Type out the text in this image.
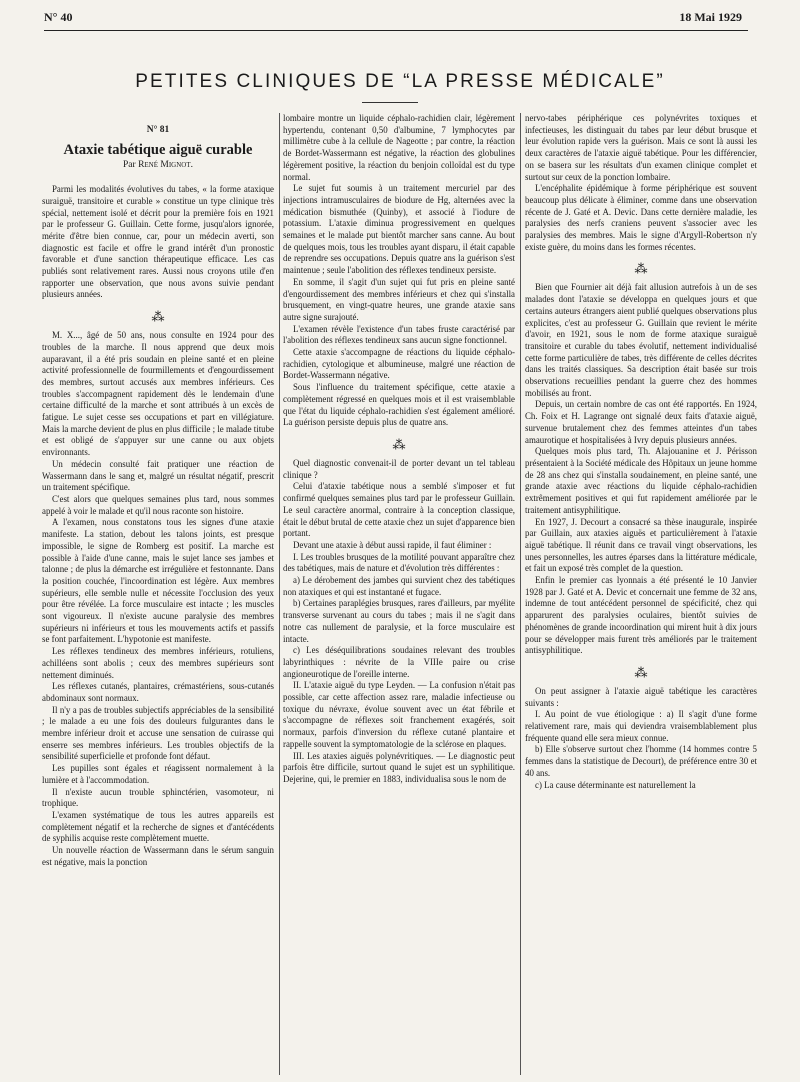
N° 40	18 Mai 1929
PETITES CLINIQUES DE “LA PRESSE MÉDICALE”
N° 81
Ataxie tabétique aiguë curable
Par René Mignot.

Parmi les modalités évolutives du tabes, « la forme ataxique suraiguë, transitoire et curable » constitue un type clinique très spécial, nettement isolé et décrit pour la première fois en 1921 par le professeur G. Guillain. Cette forme, jusqu'alors ignorée, mérite d'être bien connue, car, pour un médecin averti, son diagnostic est facile et offre le grand intérêt d'un pronostic favorable et d'une sanction thérapeutique efficace. Les cas publiés sont relativement rares. Aussi nous croyons utile d'en rapporter une observation, que nous avons suivie pendant plusieurs années.

⁂

M. X..., âgé de 50 ans, nous consulte en 1924 pour des troubles de la marche. Il nous apprend que deux mois auparavant, il a été pris soudain en pleine santé et en pleine activité professionnelle de fourmillements et d'engourdissement des membres, surtout accusés aux membres inférieurs. Ces troubles s'accompagnent rapidement dès le lendemain d'une certaine difficulté de la marche et sont attribués à un excès de fatigue. Le sujet cesse ses occupations et part en villégiature. Mais la marche devient de plus en plus difficile ; le malade titube et est obligé de s'appuyer sur une canne ou aux objets environnants.

Un médecin consulté fait pratiquer une réaction de Wassermann dans le sang et, malgré un résultat négatif, prescrit un traitement spécifique.

C'est alors que quelques semaines plus tard, nous sommes appelé à voir le malade et qu'il nous raconte son histoire.

A l'examen, nous constatons tous les signes d'une ataxie manifeste. La station, debout les talons joints, est presque impossible, le signe de Romberg est positif. La marche est possible à l'aide d'une canne, mais le sujet lance ses jambes et talonne ; de plus la démarche est irrégulière et festonnante. Dans la position couchée, l'incoordination est légère. Aux membres supérieurs, elle semble nulle et nécessite l'occlusion des yeux pour être révélée. La force musculaire est intacte ; les muscles sont vigoureux. Il n'existe aucune paralysie des membres supérieurs ni inférieurs et tous les mouvements actifs et passifs se font parfaitement. L'hypotonie est manifeste.

Les réflexes tendineux des membres inférieurs, rotuliens, achilléens sont abolis ; ceux des membres supérieurs sont nettement diminués.

Les réflexes cutanés, plantaires, crémastériens, sous-cutanés abdominaux sont normaux.

Il n'y a pas de troubles subjectifs appréciables de la sensibilité ; le malade a eu une fois des douleurs fulgurantes dans le membre inférieur droit et accuse une sensation de cuirasse qui enserre ses membres inférieurs. Les troubles objectifs de la sensibilité superficielle et profonde font défaut.

Les pupilles sont égales et réagissent normalement à la lumière et à l'accommodation.

Il n'existe aucun trouble sphinctérien, vasomoteur, ni trophique.

L'examen systématique de tous les autres appareils est complètement négatif et la recherche de signes et d'antécédents de syphilis acquise reste complètement muette.

Un nouvelle réaction de Wassermann dans le sérum sanguin est négative, mais la ponction

lombaire montre un liquide céphalo-rachidien clair, légèrement hypertendu, contenant 0,50 d'albumine, 7 lymphocytes par millimètre cube à la cellule de Nageotte ; par contre, la réaction de Bordet-Wassermann est négative, la réaction des globulines légèrement positive, la réaction du benjoin colloïdal est du type normal.

Le sujet fut soumis à un traitement mercuriel par des injections intramusculaires de biodure de Hg, alternées avec la médication bismuthée (Quinby), et associé à l'iodure de potassium. L'ataxie diminua progressivement en quelques semaines et le malade put bientôt marcher sans canne. Au bout de quelques mois, tous les troubles ayant disparu, il était capable de reprendre ses occupations. Depuis quatre ans la guérison s'est maintenue ; seule l'abolition des réflexes tendineux persiste.

En somme, il s'agit d'un sujet qui fut pris en pleine santé d'engourdissement des membres inférieurs et chez qui s'installa brusquement, en vingt-quatre heures, une grande ataxie sans autre signe surajouté.

L'examen révèle l'existence d'un tabes fruste caractérisé par l'abolition des réflexes tendineux sans aucun signe fonctionnel.

Cette ataxie s'accompagne de réactions du liquide céphalo-rachidien, cytologique et albumineuse, malgré une réaction de Bordet-Wassermann négative.

Sous l'influence du traitement spécifique, cette ataxie a complètement régressé en quelques mois et il est vraisemblable que l'état du liquide céphalo-rachidien s'est également amélioré. La guérison persiste depuis plus de quatre ans.

⁂

Quel diagnostic convenait-il de porter devant un tel tableau clinique ?

Celui d'ataxie tabétique nous a semblé s'imposer et fut confirmé quelques semaines plus tard par le professeur Guillain. Le seul caractère anormal, contraire à la conception classique, était le début brutal de cette ataxie chez un sujet d'apparence bien portant.

Devant une ataxie à début aussi rapide, il faut éliminer :

I. Les troubles brusques de la motilité pouvant apparaître chez des tabétiques, mais de nature et d'évolution très différentes :

a) Le dérobement des jambes qui survient chez des tabétiques non ataxiques et qui est instantané et fugace.

b) Certaines paraplégies brusques, rares d'ailleurs, par myélite transverse survenant au cours du tabes ; mais il ne s'agit dans notre cas nullement de paralysie, et la force musculaire est intacte.

c) Les déséquilibrations soudaines relevant des troubles labyrinthiques : névrite de la VIIIe paire ou crise angioneurotique de l'oreille interne.

II. L'ataxie aiguë du type Leyden. — La confusion n'était pas possible, car cette affection assez rare, maladie infectieuse ou toxique du névraxe, évolue souvent avec un état fébrile et s'accompagne de réflexes soit franchement exagérés, soit normaux, parfois d'inversion du réflexe cutané plantaire et rappelle souvent la symptomatologie de la sclérose en plaques.

III. Les ataxies aiguës polynévritiques. — Le diagnostic peut parfois être difficile, surtout quand le sujet est un syphilitique. Dejerine, qui, le premier en 1883, individualisa sous le nom de

nervo-tabes périphérique ces polynévrites toxiques et infectieuses, les distinguait du tabes par leur début brusque et leur évolution rapide vers la guérison. Mais ce sont là aussi les deux caractères de l'ataxie aiguë tabétique. Pour les différencier, on se basera sur les résultats d'un examen clinique complet et surtout sur ceux de la ponction lombaire.

L'encéphalite épidémique à forme périphérique est souvent beaucoup plus délicate à éliminer, comme dans une observation récente de J. Gaté et A. Devic. Dans cette dernière maladie, les paralysies des nerfs craniens peuvent s'associer avec les paralysies des membres. Mais le signe d'Argyll-Robertson n'y existe guère, du moins dans les formes récentes.

⁂

Bien que Fournier ait déjà fait allusion autrefois à un de ses malades dont l'ataxie se développa en quelques jours et que certains auteurs étrangers aient publié quelques observations plus explicites, c'est au professeur G. Guillain que revient le mérite d'avoir, en 1921, sous le nom de forme ataxique suraiguë transitoire et curable du tabes évolutif, nettement individualisé cette forme particulière de tabes, très différente de celles décrites dans les traités classiques. Sa description était basée sur trois observations recueillies pendant la guerre chez des hommes mobilisés au front.

Depuis, un certain nombre de cas ont été rapportés. En 1924, Ch. Foix et H. Lagrange ont signalé deux faits d'ataxie aiguë, survenue brutalement chez des femmes atteintes d'un tabes amaurotique et hospitalisées à Ivry depuis plusieurs années.

Quelques mois plus tard, Th. Alajouanine et J. Périsson présentaient à la Société médicale des Hôpitaux un jeune homme de 28 ans chez qui s'installa soudainement, en pleine santé, une grande ataxie avec réactions du liquide céphalo-rachidien extrêmement positives et qui fut rapidement améliorée par le traitement antisyphilitique.

En 1927, J. Decourt a consacré sa thèse inaugurale, inspirée par Guillain, aux ataxies aiguës et particulièrement à l'ataxie aiguë tabétique. Il réunit dans ce travail vingt observations, les unes personnelles, les autres éparses dans la littérature médicale, et fait un exposé très complet de la question.

Enfin le premier cas lyonnais a été présenté le 10 Janvier 1928 par J. Gaté et A. Devic et concernait une femme de 32 ans, indemne de tout antécédent personnel de spécificité, chez qui apparurent des paralysies oculaires, bientôt suivies de phénomènes de grande incoordination qui mirent huit à dix jours pour se développer mais furent très améliorés par le traitement antisyphilitique.

⁂

On peut assigner à l'ataxie aiguë tabétique les caractères suivants :

I. Au point de vue étiologique : a) Il s'agit d'une forme relativement rare, mais qui deviendra vraisemblablement plus fréquente quand elle sera mieux connue.

b) Elle s'observe surtout chez l'homme (14 hommes contre 5 femmes dans la statistique de Decourt), de préférence entre 30 et 40 ans.

c) La cause déterminante est naturellement la
